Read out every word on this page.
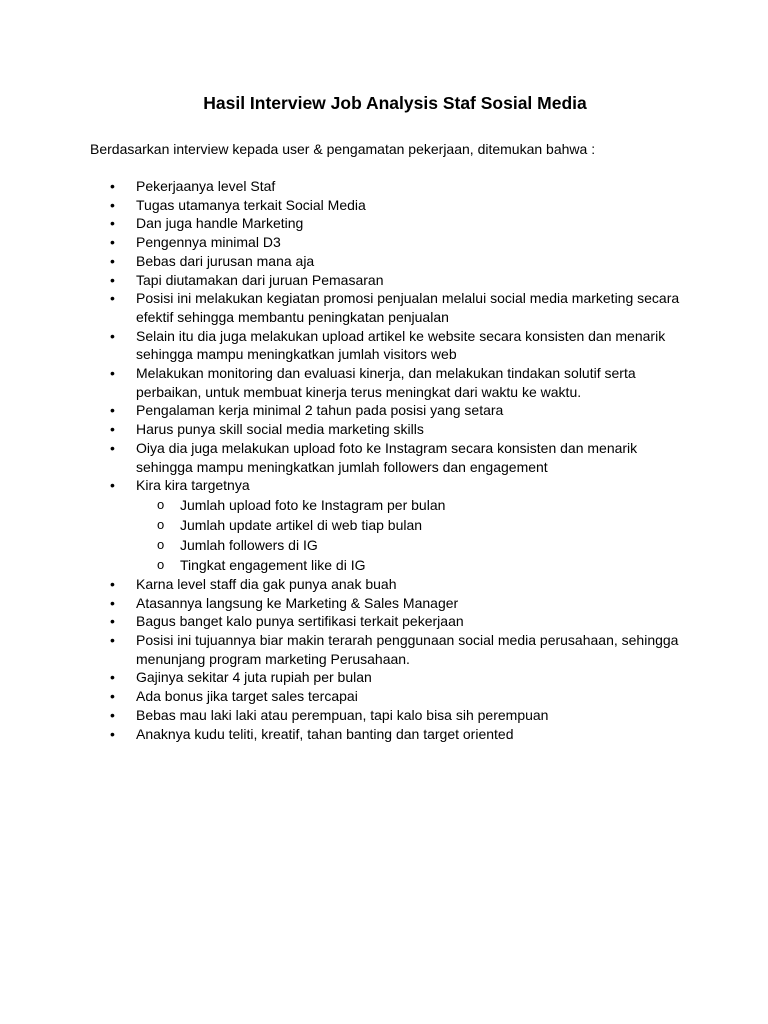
Hasil Interview Job Analysis Staf Sosial Media

Berdasarkan interview kepada user & pengamatan pekerjaan, ditemukan bahwa :

• Pekerjaanya level Staf
• Tugas utamanya terkait Social Media
• Dan juga handle Marketing
• Pengennya minimal D3
• Bebas dari jurusan mana aja
• Tapi diutamakan dari juruan Pemasaran
• Posisi ini melakukan kegiatan promosi penjualan melalui social media marketing secara efektif sehingga membantu peningkatan penjualan
• Selain itu dia juga melakukan upload artikel ke website secara konsisten dan menarik sehingga mampu meningkatkan jumlah visitors web
• Melakukan monitoring dan evaluasi kinerja, dan melakukan tindakan solutif serta perbaikan, untuk membuat kinerja terus meningkat dari waktu ke waktu.
• Pengalaman kerja minimal 2 tahun pada posisi yang setara
• Harus punya skill social media marketing skills
• Oiya dia juga melakukan upload foto ke Instagram secara konsisten dan menarik sehingga mampu meningkatkan jumlah followers dan engagement
• Kira kira targetnya
o Jumlah upload foto ke Instagram per bulan
o Jumlah update artikel di web tiap bulan
o Jumlah followers di IG
o Tingkat engagement like di IG
• Karna level staff dia gak punya anak buah
• Atasannya langsung ke Marketing & Sales Manager
• Bagus banget kalo punya sertifikasi terkait pekerjaan
• Posisi ini tujuannya biar makin terarah penggunaan social media perusahaan, sehingga menunjang program marketing Perusahaan.
• Gajinya sekitar 4 juta rupiah per bulan
• Ada bonus jika target sales tercapai
• Bebas mau laki laki atau perempuan, tapi kalo bisa sih perempuan
• Anaknya kudu teliti, kreatif, tahan banting dan target oriented
